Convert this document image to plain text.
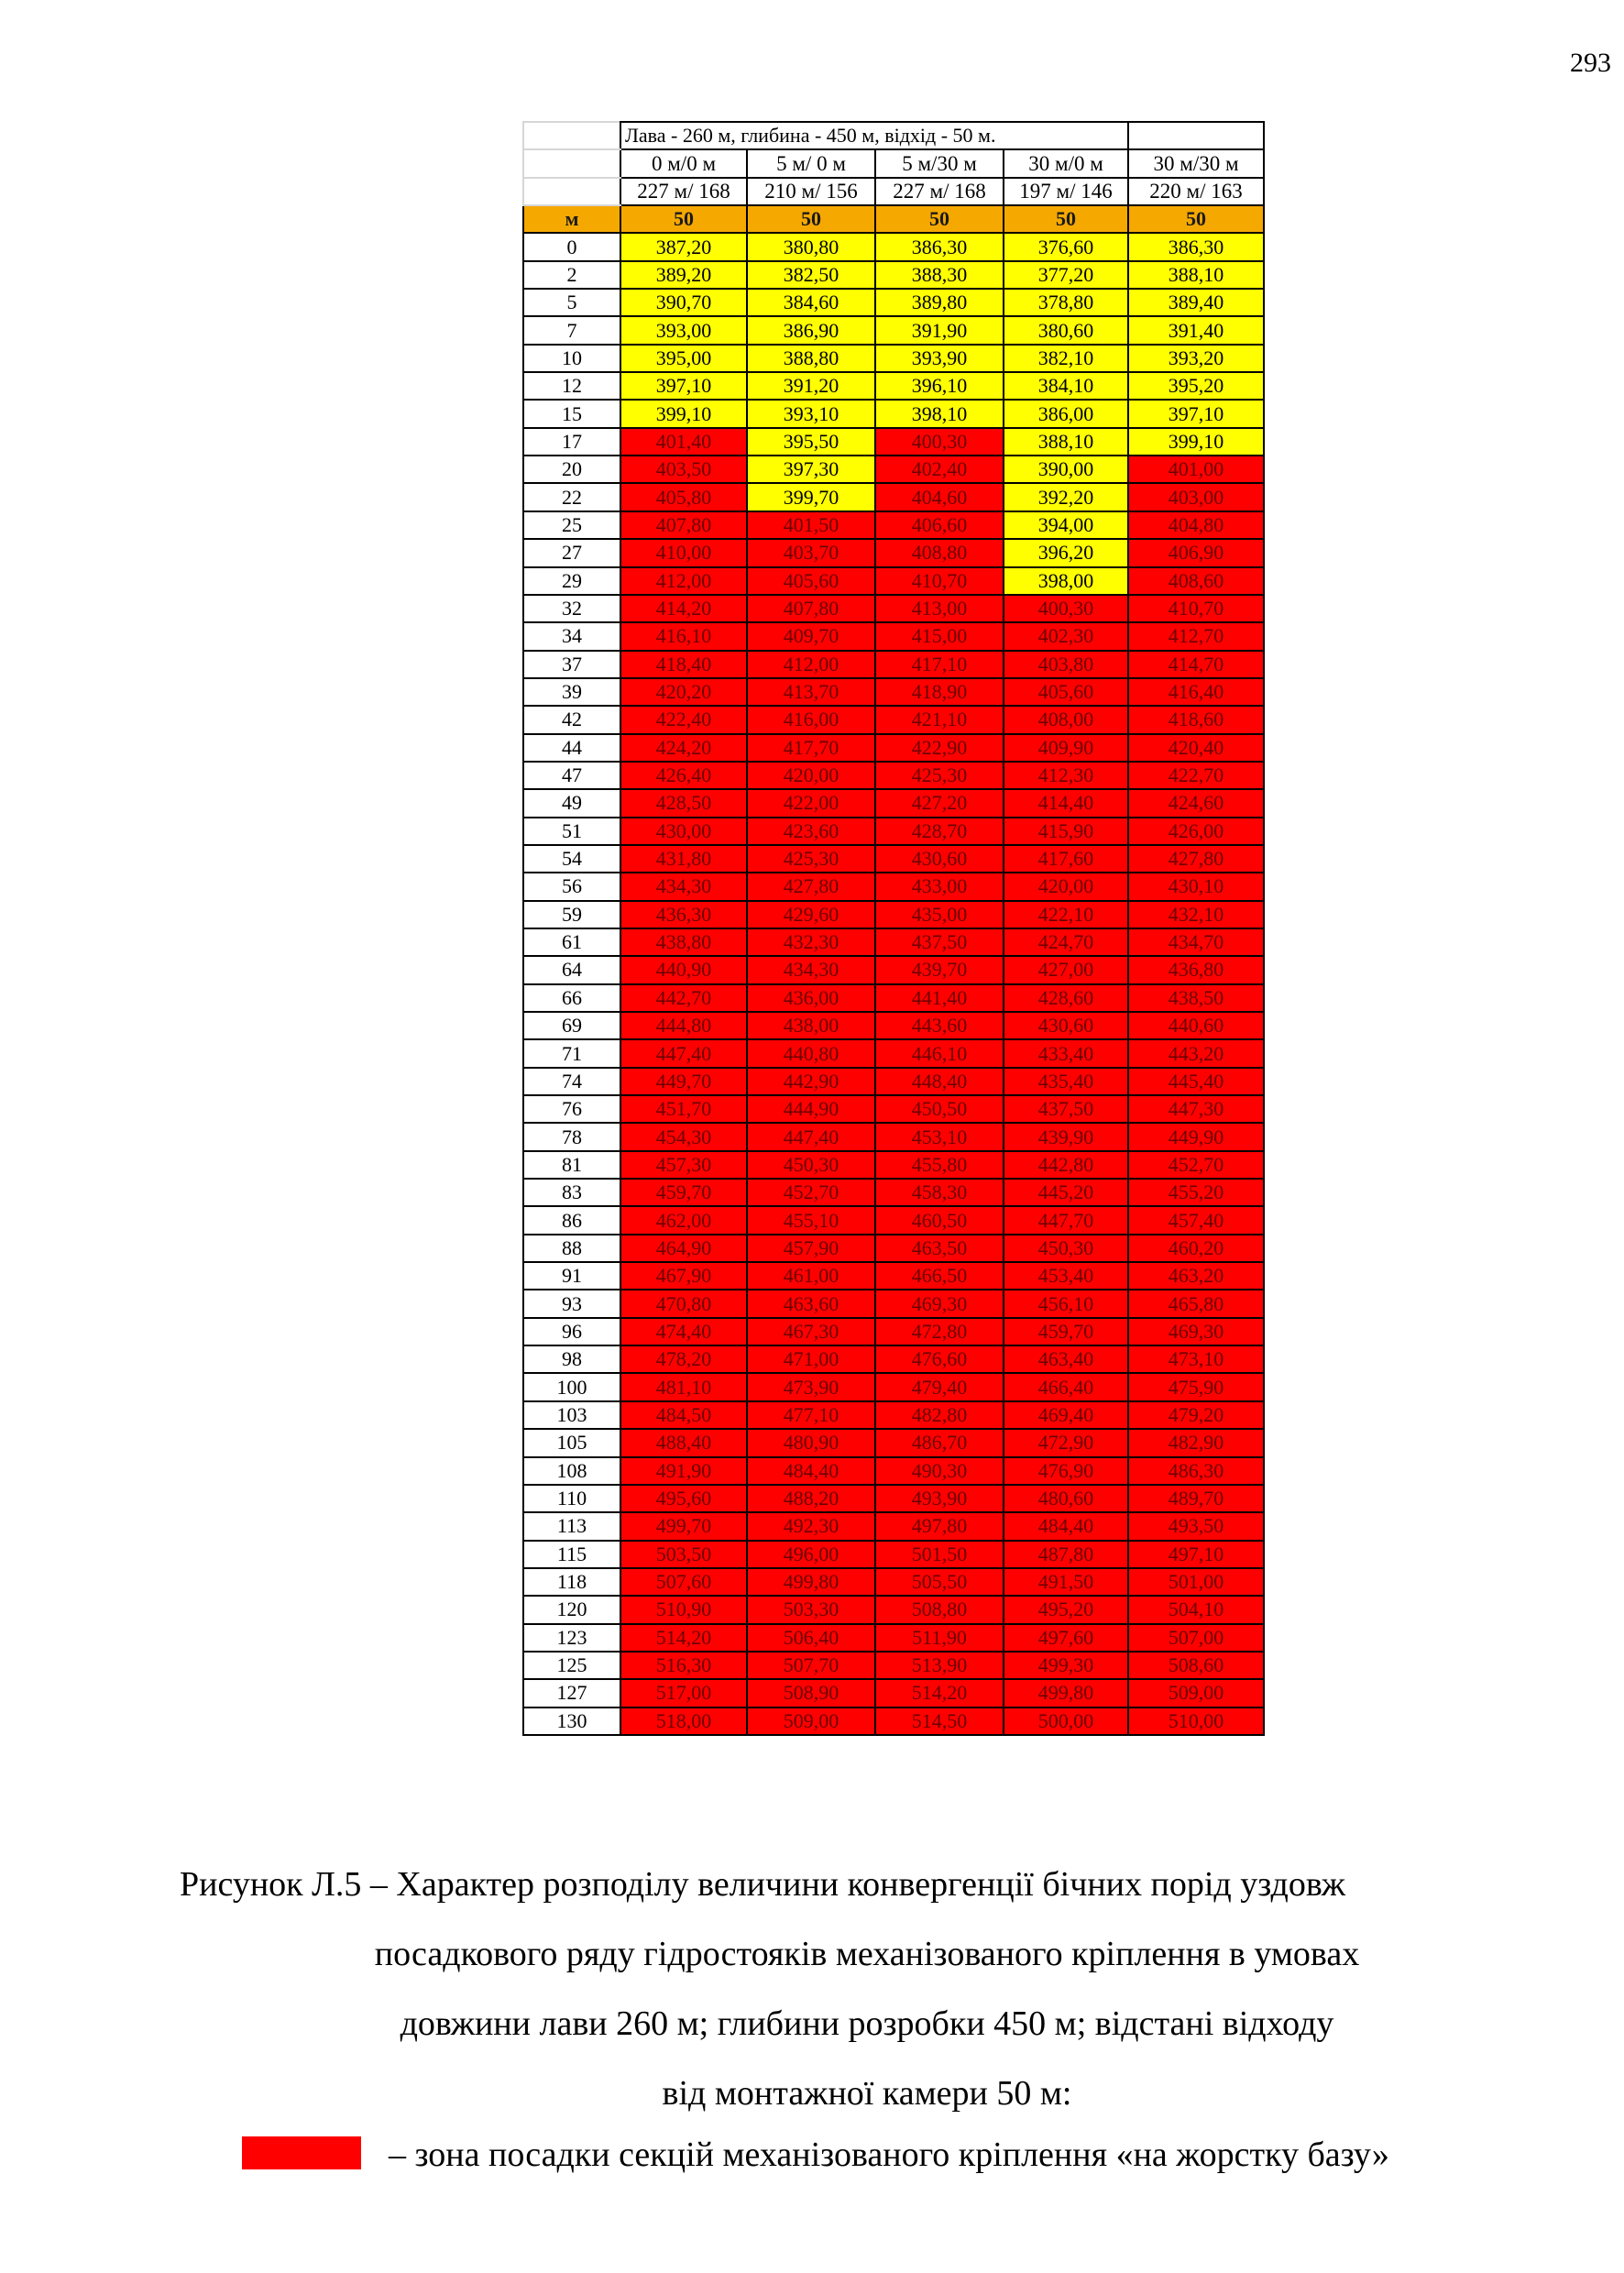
293
	Лава - 260 м, глибина - 450 м, відхід - 50 м.				
	0 м/0 м	5 м/ 0 м	5 м/30 м	30 м/0 м	30 м/30 м
	227 м/ 168	210 м/ 156	227 м/ 168	197 м/ 146	220 м/ 163
м	50	50	50	50	50
0	387,20	380,80	386,30	376,60	386,30
2	389,20	382,50	388,30	377,20	388,10
5	390,70	384,60	389,80	378,80	389,40
7	393,00	386,90	391,90	380,60	391,40
10	395,00	388,80	393,90	382,10	393,20
12	397,10	391,20	396,10	384,10	395,20
15	399,10	393,10	398,10	386,00	397,10
17	401,40	395,50	400,30	388,10	399,10
20	403,50	397,30	402,40	390,00	401,00
22	405,80	399,70	404,60	392,20	403,00
25	407,80	401,50	406,60	394,00	404,80
27	410,00	403,70	408,80	396,20	406,90
29	412,00	405,60	410,70	398,00	408,60
32	414,20	407,80	413,00	400,30	410,70
34	416,10	409,70	415,00	402,30	412,70
37	418,40	412,00	417,10	403,80	414,70
39	420,20	413,70	418,90	405,60	416,40
42	422,40	416,00	421,10	408,00	418,60
44	424,20	417,70	422,90	409,90	420,40
47	426,40	420,00	425,30	412,30	422,70
49	428,50	422,00	427,20	414,40	424,60
51	430,00	423,60	428,70	415,90	426,00
54	431,80	425,30	430,60	417,60	427,80
56	434,30	427,80	433,00	420,00	430,10
59	436,30	429,60	435,00	422,10	432,10
61	438,80	432,30	437,50	424,70	434,70
64	440,90	434,30	439,70	427,00	436,80
66	442,70	436,00	441,40	428,60	438,50
69	444,80	438,00	443,60	430,60	440,60
71	447,40	440,80	446,10	433,40	443,20
74	449,70	442,90	448,40	435,40	445,40
76	451,70	444,90	450,50	437,50	447,30
78	454,30	447,40	453,10	439,90	449,90
81	457,30	450,30	455,80	442,80	452,70
83	459,70	452,70	458,30	445,20	455,20
86	462,00	455,10	460,50	447,70	457,40
88	464,90	457,90	463,50	450,30	460,20
91	467,90	461,00	466,50	453,40	463,20
93	470,80	463,60	469,30	456,10	465,80
96	474,40	467,30	472,80	459,70	469,30
98	478,20	471,00	476,60	463,40	473,10
100	481,10	473,90	479,40	466,40	475,90
103	484,50	477,10	482,80	469,40	479,20
105	488,40	480,90	486,70	472,90	482,90
108	491,90	484,40	490,30	476,90	486,30
110	495,60	488,20	493,90	480,60	489,70
113	499,70	492,30	497,80	484,40	493,50
115	503,50	496,00	501,50	487,80	497,10
118	507,60	499,80	505,50	491,50	501,00
120	510,90	503,30	508,80	495,20	504,10
123	514,20	506,40	511,90	497,60	507,00
125	516,30	507,70	513,90	499,30	508,60
127	517,00	508,90	514,20	499,80	509,00
130	518,00	509,00	514,50	500,00	510,00
Рисунок Л.5 – Характер розподілу величини конвергенції бічних порід уздовж
посадкового ряду гідростояків механізованого кріплення в умовах
довжини лави 260 м; глибини розробки 450 м; відстані відходу
від монтажної камери 50 м:
– зона посадки секцій механізованого кріплення «на жорстку базу»
